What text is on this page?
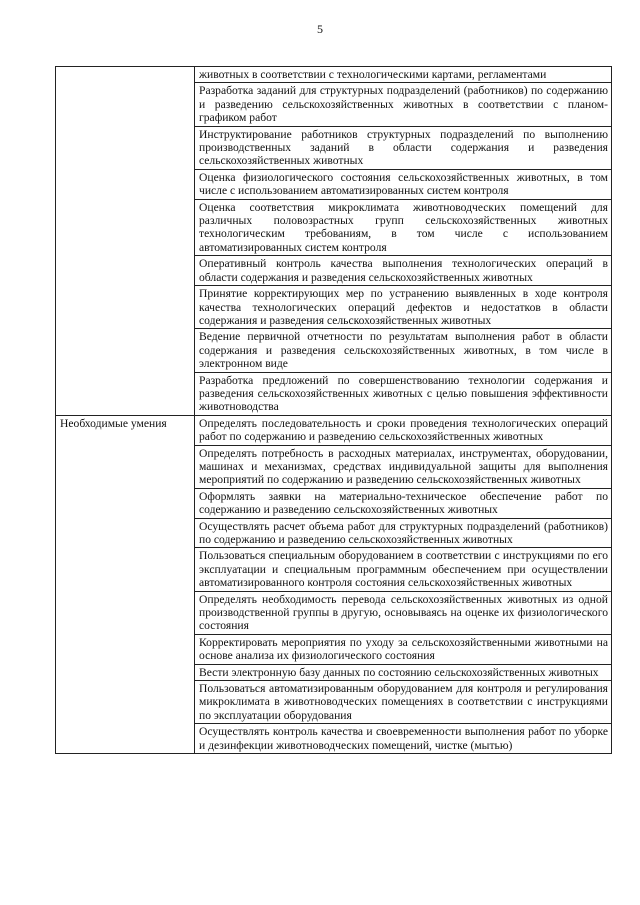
5
	животных в соответствии с технологическими картами, регламентами
	Разработка заданий для структурных подразделений (работников) по содержанию и разведению сельскохозяйственных животных в соответствии с планом-графиком работ
	Инструктирование работников структурных подразделений по выполнению производственных заданий в области содержания и разведения сельскохозяйственных животных
	Оценка физиологического состояния сельскохозяйственных животных, в том числе с использованием автоматизированных систем контроля
	Оценка соответствия микроклимата животноводческих помещений для различных половозрастных групп сельскохозяйственных животных технологическим требованиям, в том числе с использованием автоматизированных систем контроля
	Оперативный контроль качества выполнения технологических операций в области содержания и разведения сельскохозяйственных животных
	Принятие корректирующих мер по устранению выявленных в ходе контроля качества технологических операций дефектов и недостатков в области содержания и разведения сельскохозяйственных животных
	Ведение первичной отчетности по результатам выполнения работ в области содержания и разведения сельскохозяйственных животных, в том числе в электронном виде
	Разработка предложений по совершенствованию технологии содержания и разведения сельскохозяйственных животных с целью повышения эффективности животноводства
Необходимые умения	Определять последовательность и сроки проведения технологических операций работ по содержанию и разведению сельскохозяйственных животных
	Определять потребность в расходных материалах, инструментах, оборудовании, машинах и механизмах, средствах индивидуальной защиты для выполнения мероприятий по содержанию и разведению сельскохозяйственных животных
	Оформлять заявки на материально-техническое обеспечение работ по содержанию и разведению сельскохозяйственных животных
	Осуществлять расчет объема работ для структурных подразделений (работников) по содержанию и разведению сельскохозяйственных животных
	Пользоваться специальным оборудованием в соответствии с инструкциями по его эксплуатации и специальным программным обеспечением при осуществлении автоматизированного контроля состояния сельскохозяйственных животных
	Определять необходимость перевода сельскохозяйственных животных из одной производственной группы в другую, основываясь на оценке их физиологического состояния
	Корректировать мероприятия по уходу за сельскохозяйственными животными на основе анализа их физиологического состояния
	Вести электронную базу данных по состоянию сельскохозяйственных животных
	Пользоваться автоматизированным оборудованием для контроля и регулирования микроклимата в животноводческих помещениях в соответствии с инструкциями по эксплуатации оборудования
	Осуществлять контроль качества и своевременности выполнения работ по уборке и дезинфекции животноводческих помещений, чистке (мытью)
